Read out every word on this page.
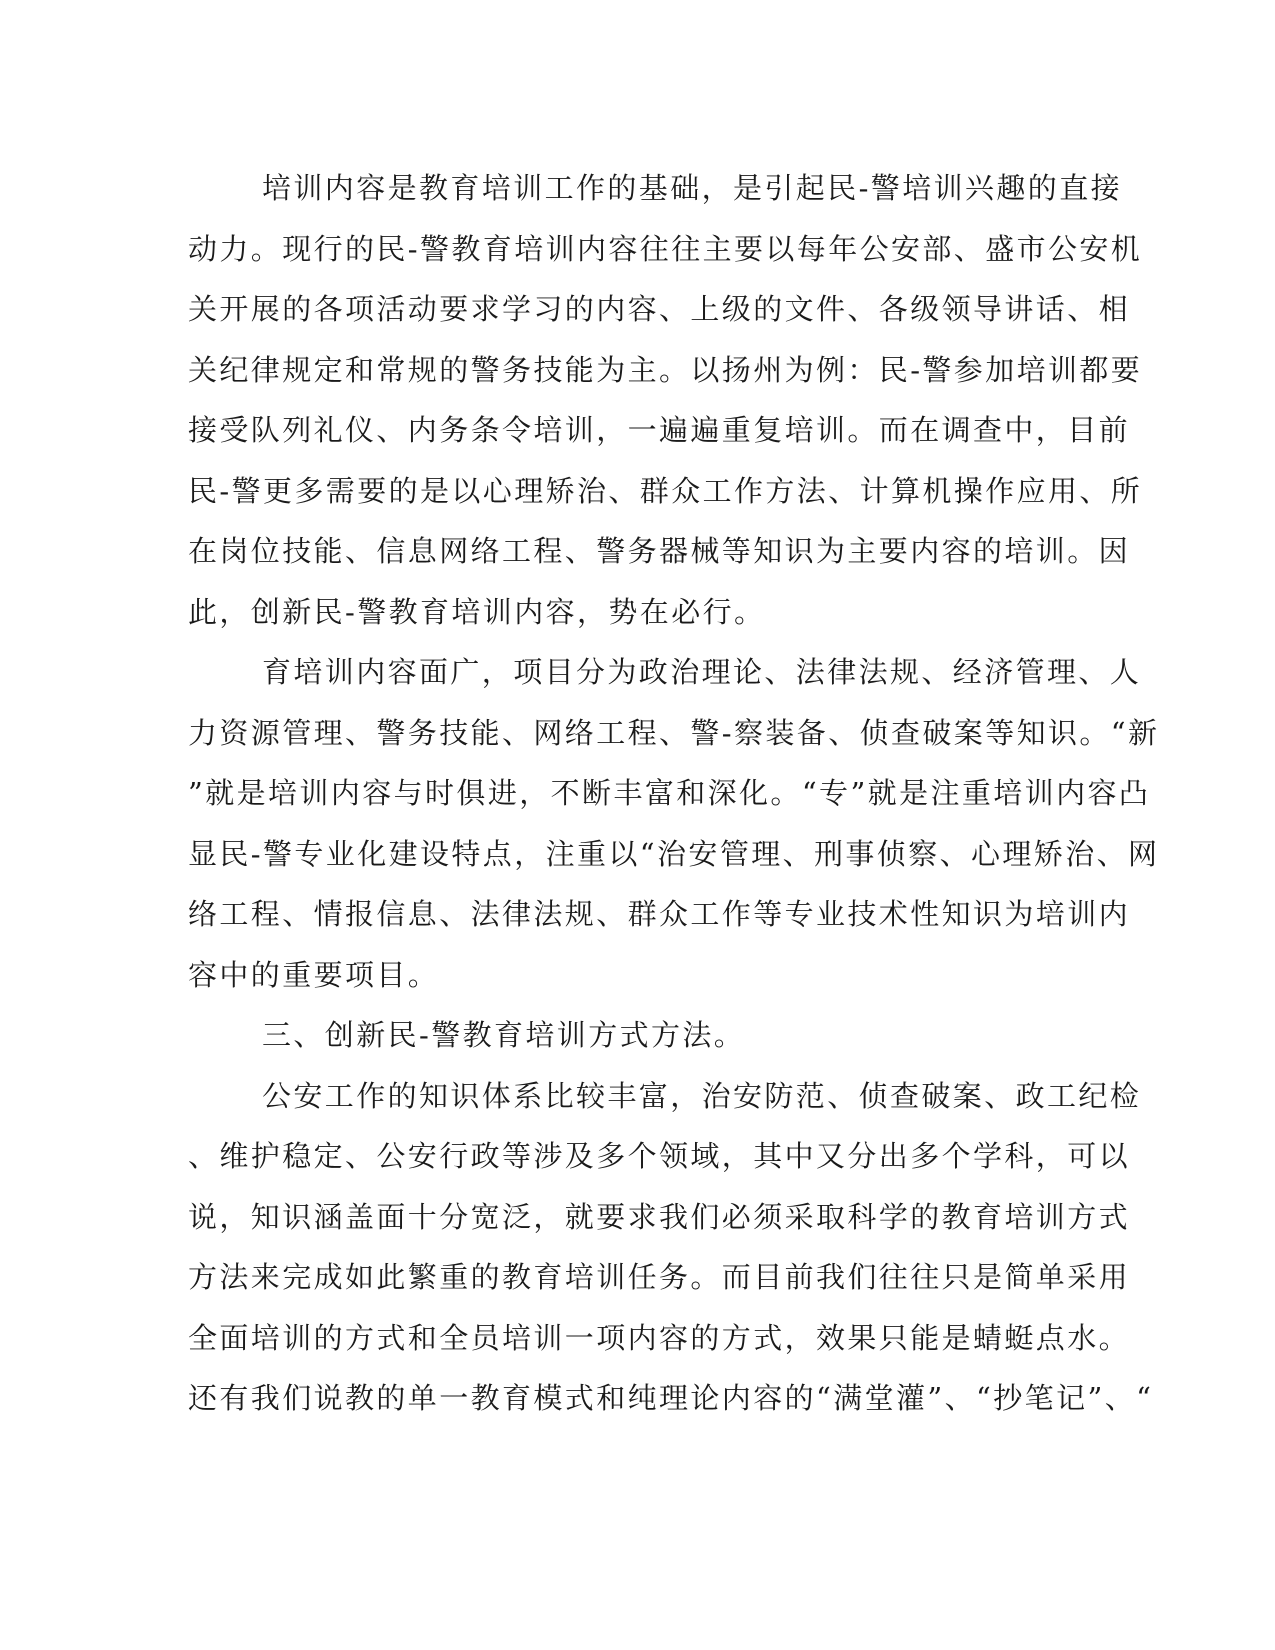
培训内容是教育培训工作的基础，是引起民-警培训兴趣的直接
动力。现行的民-警教育培训内容往往主要以每年公安部、盛市公安机
关开展的各项活动要求学习的内容、上级的文件、各级领导讲话、相
关纪律规定和常规的警务技能为主。以扬州为例：民-警参加培训都要
接受队列礼仪、内务条令培训，一遍遍重复培训。而在调查中，目前
民-警更多需要的是以心理矫治、群众工作方法、计算机操作应用、所
在岗位技能、信息网络工程、警务器械等知识为主要内容的培训。因
此，创新民-警教育培训内容，势在必行。
育培训内容面广，项目分为政治理论、法律法规、经济管理、人
力资源管理、警务技能、网络工程、警-察装备、侦查破案等知识。“新
”就是培训内容与时俱进，不断丰富和深化。“专”就是注重培训内容凸
显民-警专业化建设特点，注重以“治安管理、刑事侦察、心理矫治、网
络工程、情报信息、法律法规、群众工作等专业技术性知识为培训内
容中的重要项目。
三、创新民-警教育培训方式方法。
公安工作的知识体系比较丰富，治安防范、侦查破案、政工纪检
、维护稳定、公安行政等涉及多个领域，其中又分出多个学科，可以
说，知识涵盖面十分宽泛，就要求我们必须采取科学的教育培训方式
方法来完成如此繁重的教育培训任务。而目前我们往往只是简单采用
全面培训的方式和全员培训一项内容的方式，效果只能是蜻蜓点水。
还有我们说教的单一教育模式和纯理论内容的“满堂灌”、“抄笔记”、“
